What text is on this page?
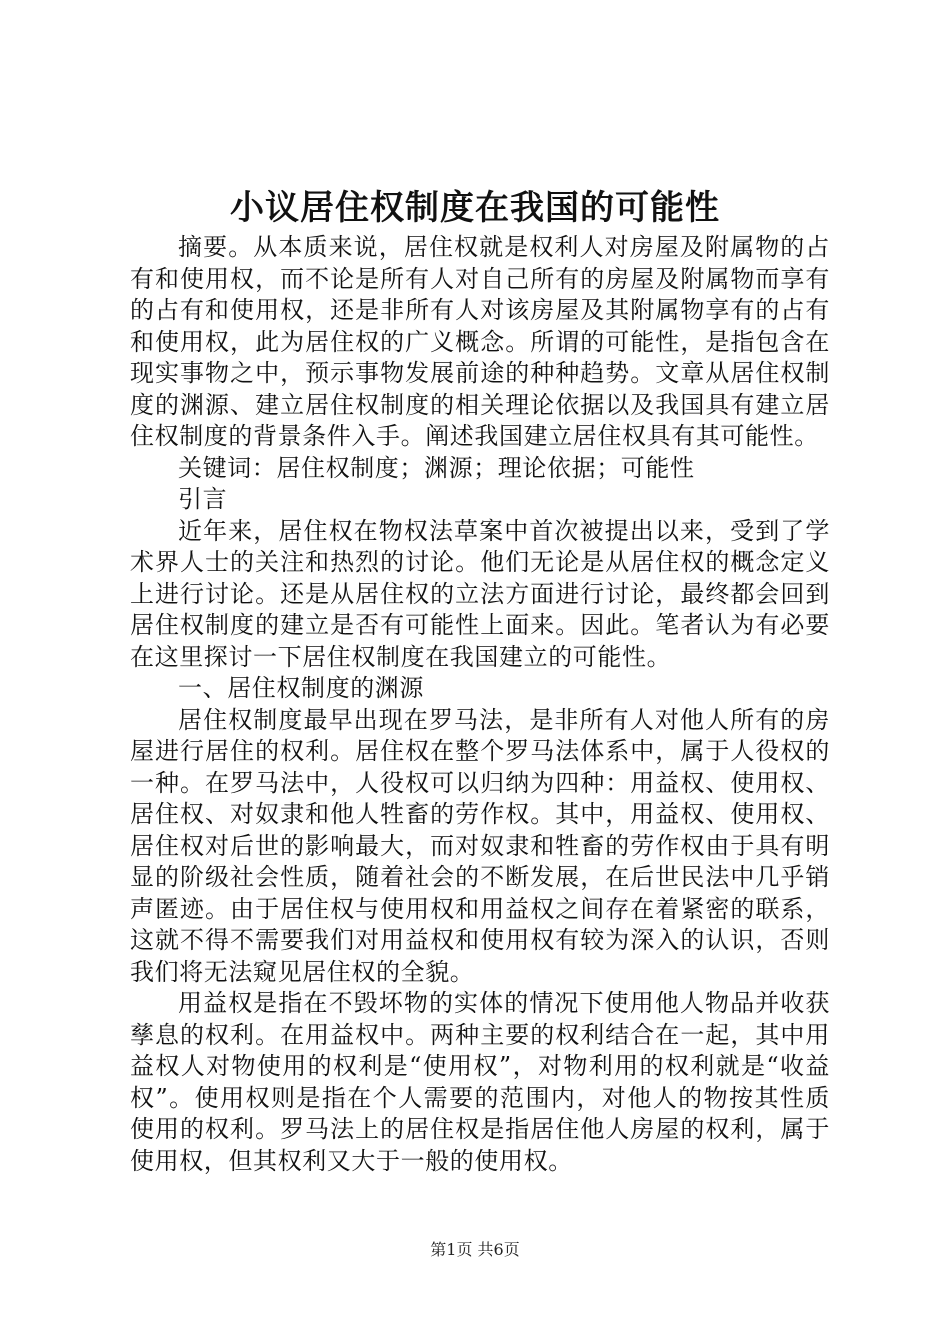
小议居住权制度在我国的可能性

摘要。从本质来说，居住权就是权利人对房屋及附属物的占有和使用权，而不论是所有人对自己所有的房屋及附属物而享有的占有和使用权，还是非所有人对该房屋及其附属物享有的占有和使用权，此为居住权的广义概念。所谓的可能性，是指包含在现实事物之中，预示事物发展前途的种种趋势。文章从居住权制度的渊源、建立居住权制度的相关理论依据以及我国具有建立居住权制度的背景条件入手。阐述我国建立居住权具有其可能性。

关键词：居住权制度；渊源；理论依据；可能性

引言

近年来，居住权在物权法草案中首次被提出以来，受到了学术界人士的关注和热烈的讨论。他们无论是从居住权的概念定义上进行讨论。还是从居住权的立法方面进行讨论，最终都会回到居住权制度的建立是否有可能性上面来。因此。笔者认为有必要在这里探讨一下居住权制度在我国建立的可能性。

一、居住权制度的渊源

居住权制度最早出现在罗马法，是非所有人对他人所有的房屋进行居住的权利。居住权在整个罗马法体系中，属于人役权的一种。在罗马法中，人役权可以归纳为四种：用益权、使用权、居住权、对奴隶和他人牲畜的劳作权。其中，用益权、使用权、居住权对后世的影响最大，而对奴隶和牲畜的劳作权由于具有明显的阶级社会性质，随着社会的不断发展，在后世民法中几乎销声匿迹。由于居住权与使用权和用益权之间存在着紧密的联系，这就不得不需要我们对用益权和使用权有较为深入的认识，否则我们将无法窥见居住权的全貌。

用益权是指在不毁坏物的实体的情况下使用他人物品并收获孳息的权利。在用益权中。两种主要的权利结合在一起，其中用益权人对物使用的权利是“使用权”，对物利用的权利就是“收益权”。使用权则是指在个人需要的范围内，对他人的物按其性质使用的权利。罗马法上的居住权是指居住他人房屋的权利，属于使用权，但其权利又大于一般的使用权。

第1页 共6页
